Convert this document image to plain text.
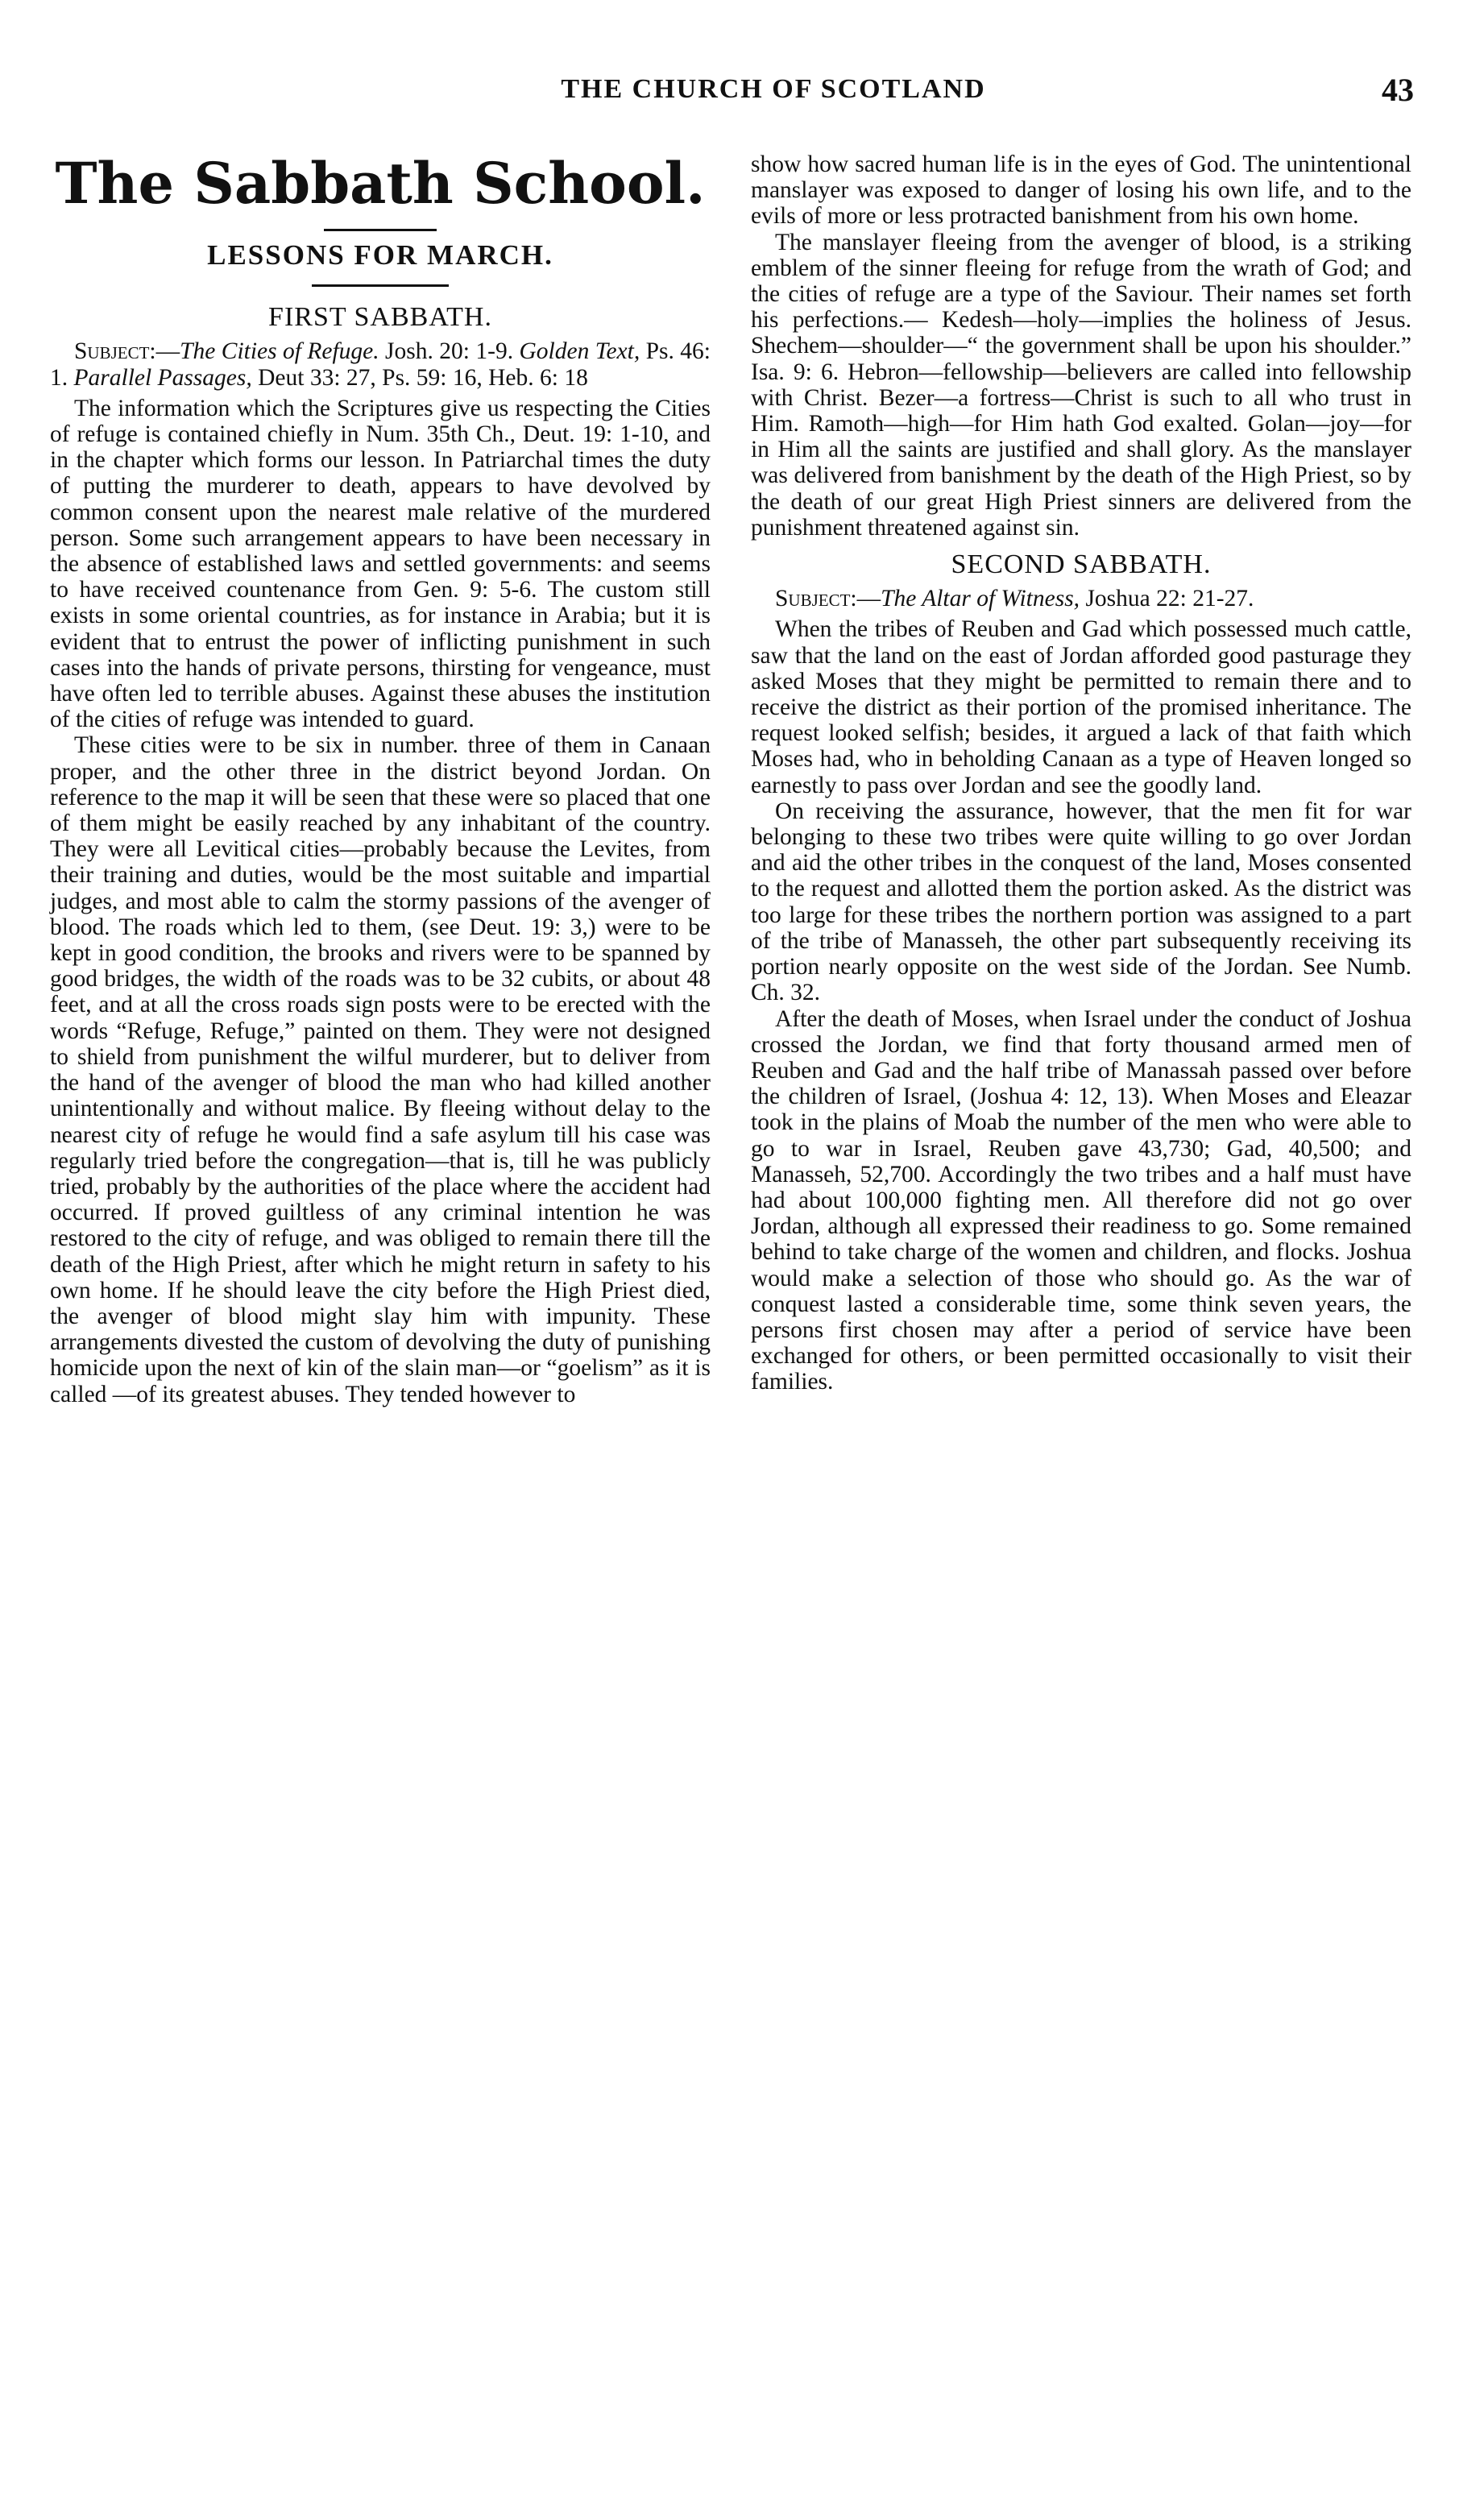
THE CHURCH OF SCOTLAND	43
The Sabbath School.
LESSONS FOR MARCH.
FIRST SABBATH.

Subject:—The Cities of Refuge. Josh. 20: 1-9. Golden Text, Ps. 46: 1. Parallel Passages, Deut 33: 27, Ps. 59: 16, Heb. 6: 18

The information which the Scriptures give us respecting the Cities of refuge is contained chiefly in Num. 35th Ch., Deut. 19: 1-10, and in the chapter which forms our lesson. In Patriarchal times the duty of putting the murderer to death, appears to have devolved by common consent upon the nearest male relative of the murdered person. Some such arrangement appears to have been necessary in the absence of established laws and settled governments: and seems to have received countenance from Gen. 9: 5-6. The custom still exists in some oriental countries, as for instance in Arabia; but it is evident that to entrust the power of inflicting punishment in such cases into the hands of private persons, thirsting for vengeance, must have often led to terrible abuses. Against these abuses the institution of the cities of refuge was intended to guard.

These cities were to be six in number. three of them in Canaan proper, and the other three in the district beyond Jordan. On reference to the map it will be seen that these were so placed that one of them might be easily reached by any inhabitant of the country. They were all Levitical cities—probably because the Levites, from their training and duties, would be the most suitable and impartial judges, and most able to calm the stormy passions of the avenger of blood. The roads which led to them, (see Deut. 19: 3,) were to be kept in good condition, the brooks and rivers were to be spanned by good bridges, the width of the roads was to be 32 cubits, or about 48 feet, and at all the cross roads sign posts were to be erected with the words “Refuge, Refuge,” painted on them. They were not designed to shield from punishment the wilful murderer, but to deliver from the hand of the avenger of blood the man who had killed another unintentionally and without malice. By fleeing without delay to the nearest city of refuge he would find a safe asylum till his case was regularly tried before the congregation—that is, till he was publicly tried, probably by the authorities of the place where the accident had occurred. If proved guiltless of any criminal intention he was restored to the city of refuge, and was obliged to remain there till the death of the High Priest, after which he might return in safety to his own home. If he should leave the city before the High Priest died, the avenger of blood might slay him with impunity. These arrangements divested the custom of devolving the duty of punishing homicide upon the next of kin of the slain man—or “goelism” as it is called —of its greatest abuses. They tended however to

show how sacred human life is in the eyes of God. The unintentional manslayer was exposed to danger of losing his own life, and to the evils of more or less protracted banishment from his own home.

The manslayer fleeing from the avenger of blood, is a striking emblem of the sinner fleeing for refuge from the wrath of God; and the cities of refuge are a type of the Saviour. Their names set forth his perfections.— Kedesh—holy—implies the holiness of Jesus. Shechem—shoulder—“ the government shall be upon his shoulder.” Isa. 9: 6. Hebron—fellowship—believers are called into fellowship with Christ. Bezer—a fortress—Christ is such to all who trust in Him. Ramoth—high—for Him hath God exalted. Golan—joy—for in Him all the saints are justified and shall glory. As the manslayer was delivered from banishment by the death of the High Priest, so by the death of our great High Priest sinners are delivered from the punishment threatened against sin.

SECOND SABBATH.

Subject:—The Altar of Witness, Joshua 22: 21-27.

When the tribes of Reuben and Gad which possessed much cattle, saw that the land on the east of Jordan afforded good pasturage they asked Moses that they might be permitted to remain there and to receive the district as their portion of the promised inheritance. The request looked selfish; besides, it argued a lack of that faith which Moses had, who in beholding Canaan as a type of Heaven longed so earnestly to pass over Jordan and see the goodly land.

On receiving the assurance, however, that the men fit for war belonging to these two tribes were quite willing to go over Jordan and aid the other tribes in the conquest of the land, Moses consented to the request and allotted them the portion asked. As the district was too large for these tribes the northern portion was assigned to a part of the tribe of Manasseh, the other part subsequently receiving its portion nearly opposite on the west side of the Jordan. See Numb. Ch. 32.

After the death of Moses, when Israel under the conduct of Joshua crossed the Jordan, we find that forty thousand armed men of Reuben and Gad and the half tribe of Manassah passed over before the children of Israel, (Joshua 4: 12, 13). When Moses and Eleazar took in the plains of Moab the number of the men who were able to go to war in Israel, Reuben gave 43,730; Gad, 40,500; and Manasseh, 52,700. Accordingly the two tribes and a half must have had about 100,000 fighting men. All therefore did not go over Jordan, although all expressed their readiness to go. Some remained behind to take charge of the women and children, and flocks. Joshua would make a selection of those who should go. As the war of conquest lasted a considerable time, some think seven years, the persons first chosen may after a period of service have been exchanged for others, or been permitted occasionally to visit their families.
